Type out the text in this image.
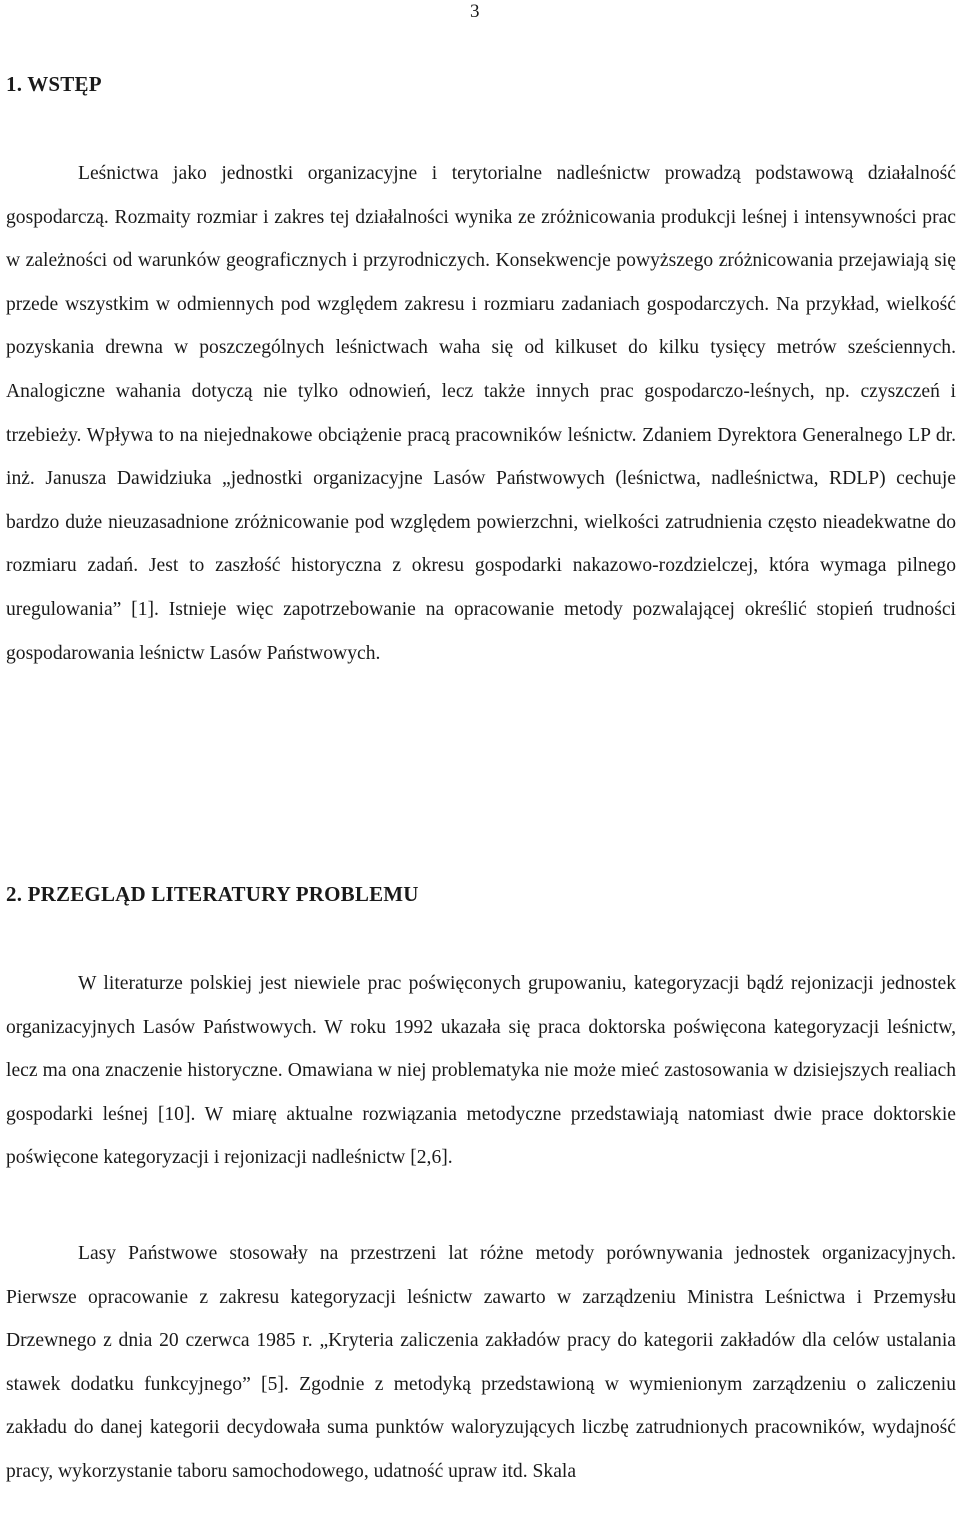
3
1. WSTĘP

Leśnictwa jako jednostki organizacyjne i terytorialne nadleśnictw prowadzą podstawową działalność gospodarczą. Rozmaity rozmiar i zakres tej działalności wynika ze zróżnicowania produkcji leśnej i intensywności prac w zależności od warunków geograficznych i przyrodniczych. Konsekwencje powyższego zróżnicowania przejawiają się przede wszystkim w odmiennych pod względem zakresu i rozmiaru zadaniach gospodarczych. Na przykład, wielkość pozyskania drewna w poszczególnych leśnictwach waha się od kilkuset do kilku tysięcy metrów sześciennych. Analogiczne wahania dotyczą nie tylko odnowień, lecz także innych prac gospodarczo-leśnych, np. czyszczeń i trzebieży. Wpływa to na niejednakowe obciążenie pracą pracowników leśnictw. Zdaniem Dyrektora Generalnego LP dr. inż. Janusza Dawidziuka „jednostki organizacyjne Lasów Państwowych (leśnictwa, nadleśnictwa, RDLP) cechuje bardzo duże nieuzasadnione zróżnicowanie pod względem powierzchni, wielkości zatrudnienia często nieadekwatne do rozmiaru zadań. Jest to zaszłość historyczna z okresu gospodarki nakazowo-rozdzielczej, która wymaga pilnego uregulowania” [1]. Istnieje więc zapotrzebowanie na opracowanie metody pozwalającej określić stopień trudności gospodarowania leśnictw Lasów Państwowych.

2. PRZEGLĄD LITERATURY PROBLEMU

W literaturze polskiej jest niewiele prac poświęconych grupowaniu, kategoryzacji bądź rejonizacji jednostek organizacyjnych Lasów Państwowych. W roku 1992 ukazała się praca doktorska poświęcona kategoryzacji leśnictw, lecz ma ona znaczenie historyczne. Omawiana w niej problematyka nie może mieć zastosowania w dzisiejszych realiach gospodarki leśnej [10]. W miarę aktualne rozwiązania metodyczne przedstawiają natomiast dwie prace doktorskie poświęcone kategoryzacji i rejonizacji nadleśnictw [2,6].

Lasy Państwowe stosowały na przestrzeni lat różne metody porównywania jednostek organizacyjnych. Pierwsze opracowanie z zakresu kategoryzacji leśnictw zawarto w zarządzeniu Ministra Leśnictwa i Przemysłu Drzewnego z dnia 20 czerwca 1985 r. „Kryteria zaliczenia zakładów pracy do kategorii zakładów dla celów ustalania stawek dodatku funkcyjnego” [5]. Zgodnie z metodyką przedstawioną w wymienionym zarządzeniu o zaliczeniu zakładu do danej kategorii decydowała suma punktów waloryzujących liczbę zatrudnionych pracowników, wydajność pracy, wykorzystanie taboru samochodowego, udatność upraw itd. Skala
